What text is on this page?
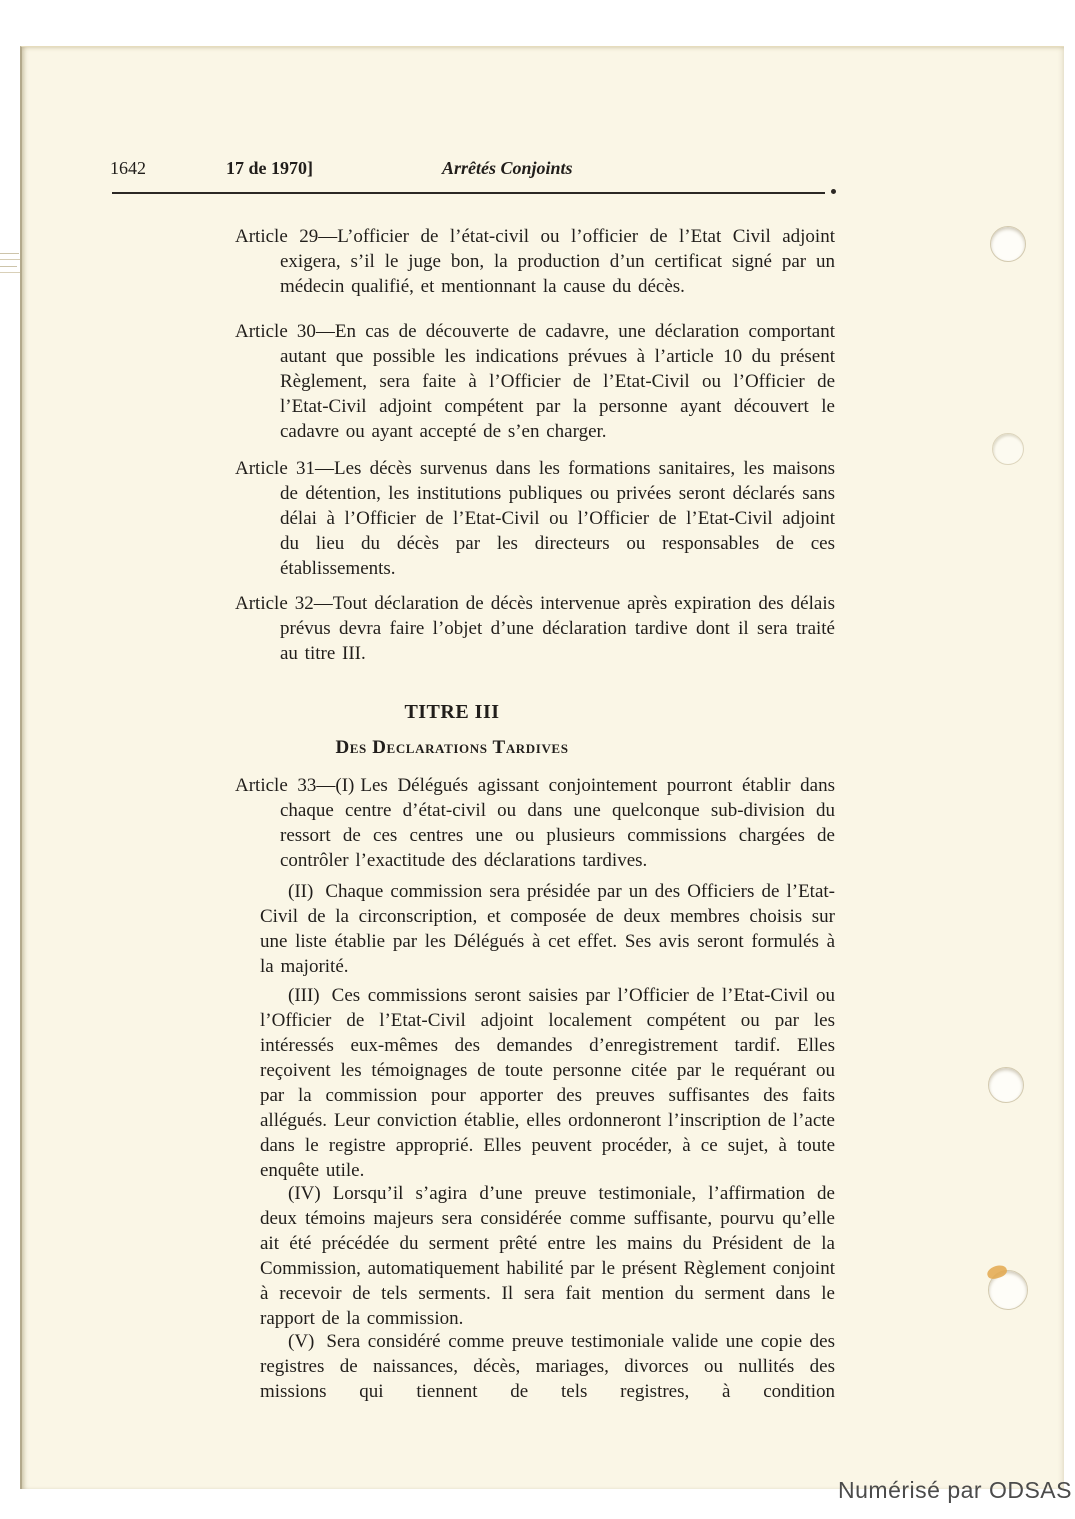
1642	17 de 1970]	Arrêtés Conjoints

Article 29—L’officier de l’état-civil ou l’officier de l’Etat Civil adjoint exigera, s’il le juge bon, la production d’un certificat signé par un médecin qualifié, et mentionnant la cause du décès.

Article 30—En cas de découverte de cadavre, une déclaration comportant autant que possible les indications prévues à l’article 10 du présent Règlement, sera faite à l’Officier de l’Etat-Civil ou l’Officier de l’Etat-Civil adjoint compétent par la personne ayant découvert le cadavre ou ayant accepté de s’en charger.

Article 31—Les décès survenus dans les formations sanitaires, les maisons de détention, les institutions publiques ou privées seront déclarés sans délai à l’Officier de l’Etat-Civil ou l’Officier de l’Etat-Civil adjoint du lieu du décès par les directeurs ou responsables de ces établissements.

Article 32—Tout déclaration de décès intervenue après expiration des délais prévus devra faire l’objet d’une déclaration tardive dont il sera traité au titre III.

TITRE III
Des Declarations Tardives

Article 33—(I) Les Délégués agissant conjointement pourront établir dans chaque centre d’état-civil ou dans une quelconque sub-division du ressort de ces centres une ou plusieurs commissions chargées de contrôler l’exactitude des déclarations tardives.

(II) Chaque commission sera présidée par un des Officiers de l’Etat-Civil de la circonscription, et composée de deux membres choisis sur une liste établie par les Délégués à cet effet. Ses avis seront formulés à la majorité.

(III) Ces commissions seront saisies par l’Officier de l’Etat-Civil ou l’Officier de l’Etat-Civil adjoint localement compétent ou par les intéressés eux-mêmes des demandes d’enregistrement tardif. Elles reçoivent les témoignages de toute personne citée par le requérant ou par la commission pour apporter des preuves suffisantes des faits allégués. Leur conviction établie, elles ordonneront l’inscription de l’acte dans le registre approprié. Elles peuvent procéder, à ce sujet, à toute enquête utile.

(IV) Lorsqu’il s’agira d’une preuve testimoniale, l’affirmation de deux témoins majeurs sera considérée comme suffisante, pourvu qu’elle ait été précédée du serment prêté entre les mains du Président de la Commission, automatiquement habilité par le présent Règlement conjoint à recevoir de tels serments. Il sera fait mention du serment dans le rapport de la commission.

(V) Sera considéré comme preuve testimoniale valide une copie des registres de naissances, décès, mariages, divorces ou nullités des missions qui tiennent de tels registres, à condition

Numérisé par ODSAS
